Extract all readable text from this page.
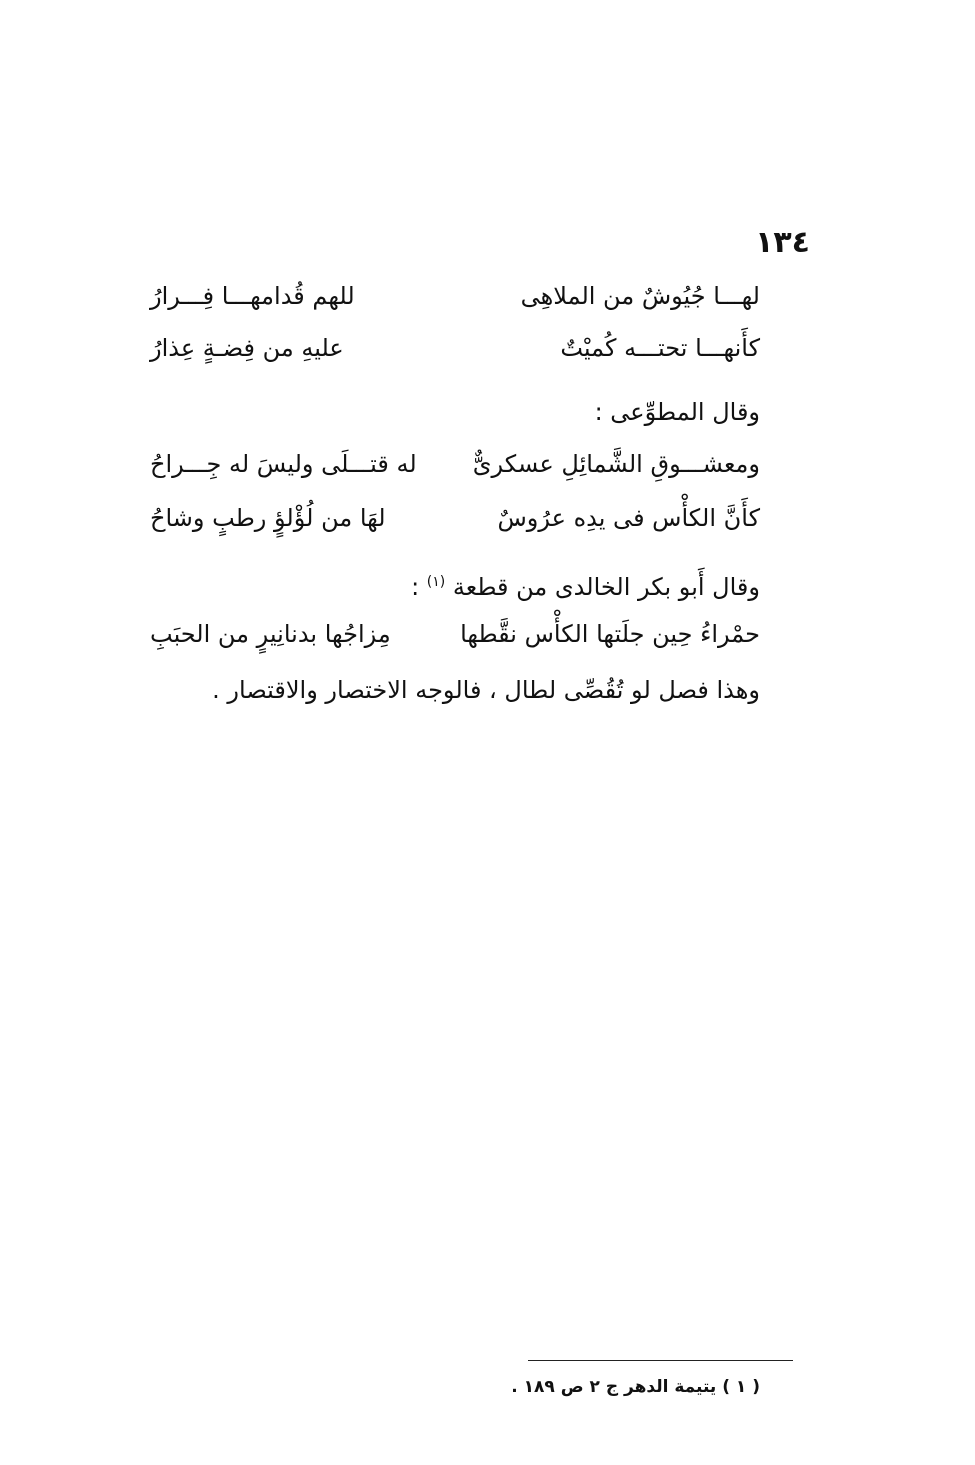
١٣٤
لهـــا جُيُوشٌ من الملاهِى
للهم قُدامهـــا فِـــرارُ
كأَنهـــا تحتـــه كُميْتٌ
عليهِ من فِضـةٍ عِذارُ
وقال المطوِّعى :
ومعشـــوقِ الشَّمائِلِ عسكرىٌّ
له قتـــلَى وليسَ له جِـــراحُ
كأَنَّ الكأْس فى يدِه عرُوسٌ
لهَا من لُؤْلؤٍ رطبٍ وشاحُ
وقال أَبو بكر الخالدى من قطعة $^{(١)}$ :
حمْراءُ حِين جلَتها الكأْس نقَّطها
مِزاجُها بدنانِيرٍ من الحبَبِ
وهذا فصل لو تُقُصِّى لطال ، فالوجه الاختصار والاقتصار .
( ١ ) يتيمة الدهر ج ٢ ص ١٨٩ .
